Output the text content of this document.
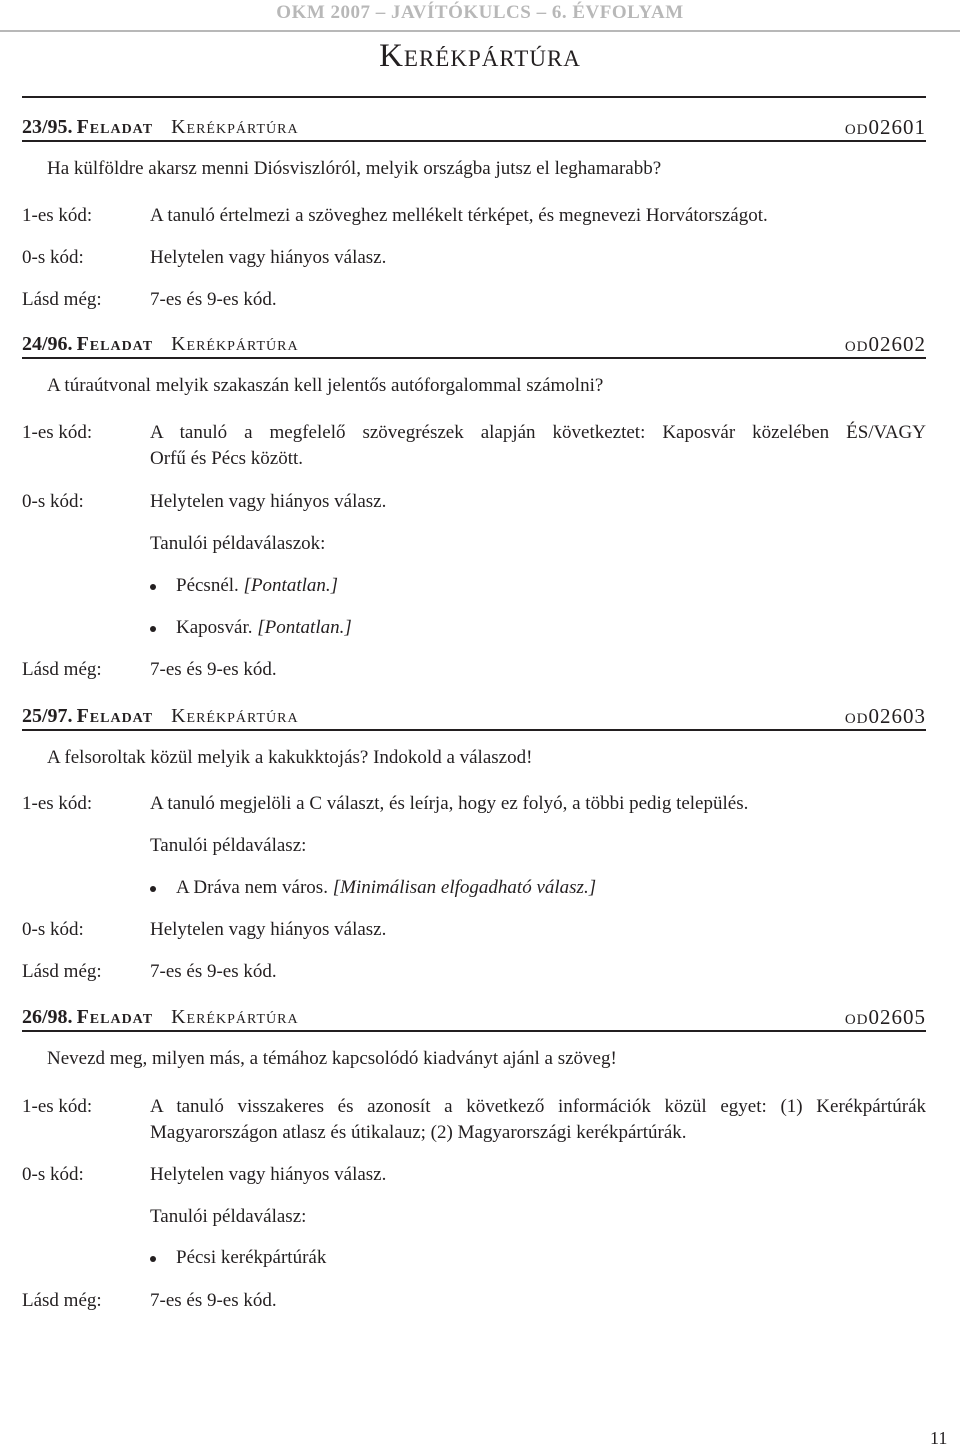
OKM 2007 – JAVÍTÓKULCS – 6. ÉVFOLYAM
Kerékpártúra
23/95. Feladat Kerékpártúra	od02601
Ha külföldre akarsz menni Diósviszlóról, melyik országba jutsz el leghamarabb?
1-es kód:	A tanuló értelmezi a szöveghez mellékelt térképet, és megnevezi Horvátországot.
0-s kód:	Helytelen vagy hiányos válasz.
Lásd még:	7-es és 9-es kód.
24/96. Feladat Kerékpártúra	od02602
A túraútvonal melyik szakaszán kell jelentős autóforgalommal számolni?
1-es kód:	A tanuló a megfelelő szövegrészek alapján következtet: Kaposvár közelében ÉS/VAGY
Orfű és Pécs között.
0-s kód:	Helytelen vagy hiányos válasz.
Tanulói példaválaszok:
Pécsnél. [Pontatlan.]
Kaposvár. [Pontatlan.]
Lásd még:	7-es és 9-es kód.
25/97. Feladat Kerékpártúra	od02603
A felsoroltak közül melyik a kakukktojás? Indokold a válaszod!
1-es kód:	A tanuló megjelöli a C választ, és leírja, hogy ez folyó, a többi pedig település.
Tanulói példaválasz:
A Dráva nem város. [Minimálisan elfogadható válasz.]
0-s kód:	Helytelen vagy hiányos válasz.
Lásd még:	7-es és 9-es kód.
26/98. Feladat Kerékpártúra	od02605
Nevezd meg, milyen más, a témához kapcsolódó kiadványt ajánl a szöveg!
1-es kód:	A tanuló visszakeres és azonosít a következő információk közül egyet: (1) Kerékpártúrák
Magyarországon atlasz és útikalauz; (2) Magyarországi kerékpártúrák.
0-s kód:	Helytelen vagy hiányos válasz.
Tanulói példaválasz:
Pécsi kerékpártúrák
Lásd még:	7-es és 9-es kód.
11
